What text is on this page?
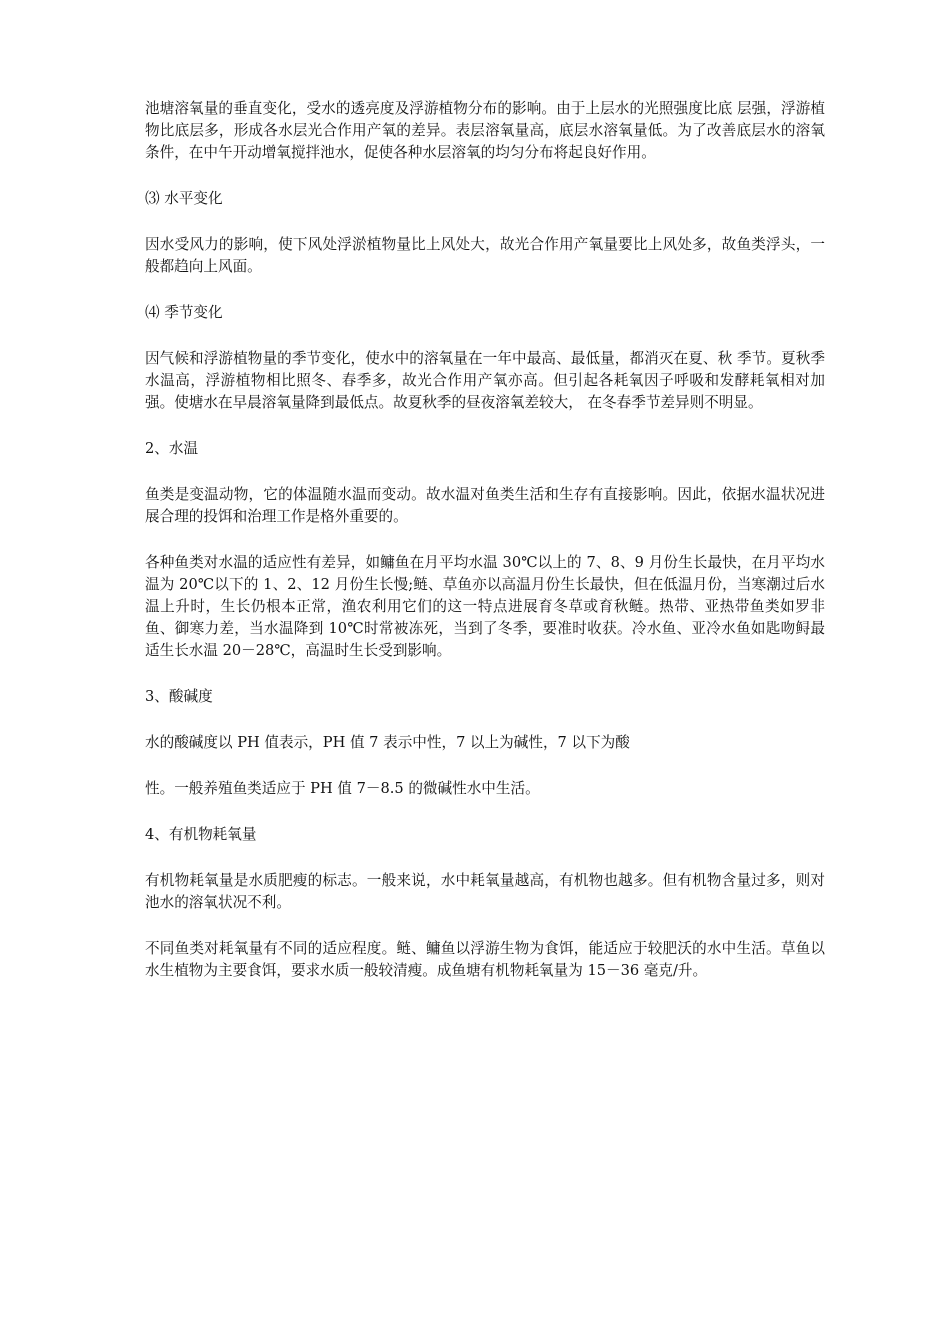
池塘溶氧量的垂直变化，受水的透亮度及浮游植物分布的影响。由于上层水的光照强度比底 层强，浮游植物比底层多，形成各水层光合作用产氧的差异。表层溶氧量高，底层水溶氧量低。为了改善底层水的溶氧条件，在中午开动增氧搅拌池水，促使各种水层溶氧的均匀分布将起良好作用。

⑶ 水平变化

因水受风力的影响，使下风处浮淤植物量比上风处大，故光合作用产氧量要比上风处多，故鱼类浮头，一般都趋向上风面。

⑷ 季节变化

因气候和浮游植物量的季节变化，使水中的溶氧量在一年中最高、最低量，都消灭在夏、秋 季节。夏秋季水温高，浮游植物相比照冬、春季多，故光合作用产氧亦高。但引起各耗氧因子呼吸和发酵耗氧相对加强。使塘水在早晨溶氧量降到最低点。故夏秋季的昼夜溶氧差较大， 在冬春季节差异则不明显。

2、水温

鱼类是变温动物，它的体温随水温而变动。故水温对鱼类生活和生存有直接影响。因此，依据水温状况进展合理的投饵和治理工作是格外重要的。

各种鱼类对水温的适应性有差异，如鳙鱼在月平均水温 30℃以上的 7、8、9 月份生长最快，在月平均水温为 20℃以下的 1、2、12 月份生长慢;鲢、草鱼亦以高温月份生长最快，但在低温月份，当寒潮过后水温上升时，生长仍根本正常，渔农利用它们的这一特点进展育冬草或育秋鲢。热带、亚热带鱼类如罗非鱼、御寒力差，当水温降到 10℃时常被冻死，当到了冬季，要准时收获。冷水鱼、亚冷水鱼如匙吻鲟最适生长水温 20－28℃，高温时生长受到影响。

3、酸碱度

水的酸碱度以 PH 值表示，PH 值 7 表示中性，7 以上为碱性，7 以下为酸

性。一般养殖鱼类适应于 PH 值 7－8.5 的微碱性水中生活。

4、有机物耗氧量

有机物耗氧量是水质肥瘦的标志。一般来说，水中耗氧量越高，有机物也越多。但有机物含量过多，则对池水的溶氧状况不利。

不同鱼类对耗氧量有不同的适应程度。鲢、鳙鱼以浮游生物为食饵，能适应于较肥沃的水中生活。草鱼以水生植物为主要食饵，要求水质一般较清瘦。成鱼塘有机物耗氧量为 15－36 毫克/升。
